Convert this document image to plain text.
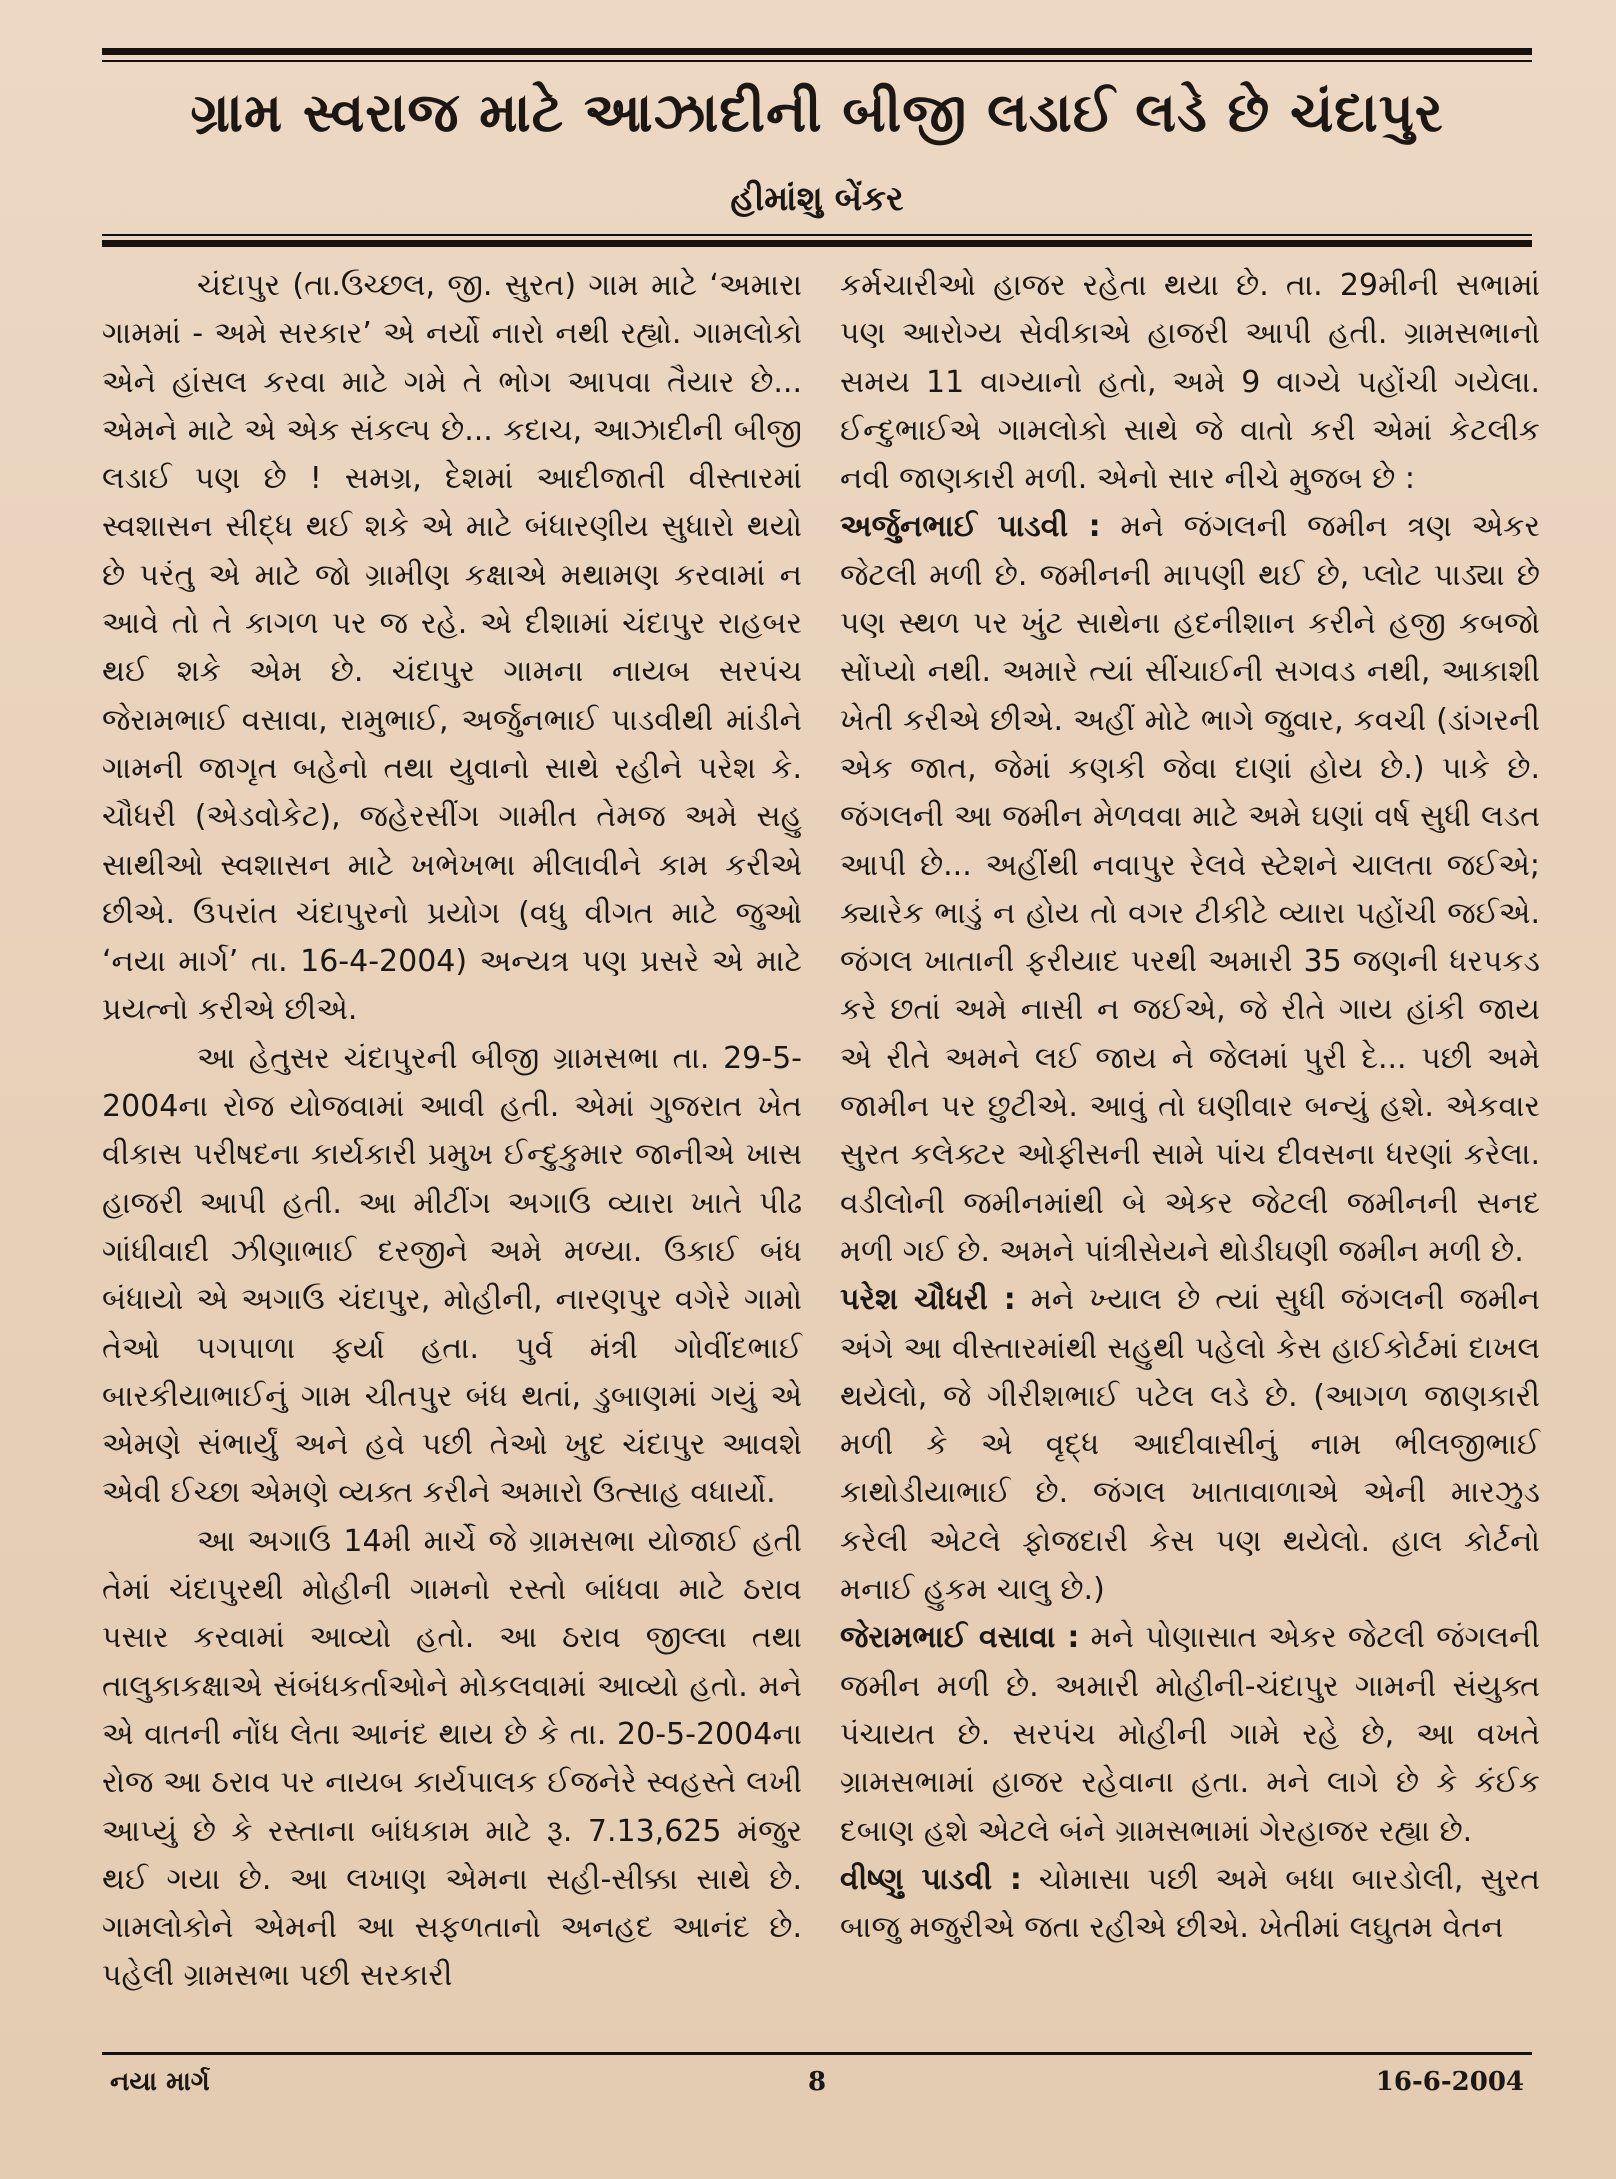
ગ્રામ સ્વરાજ માટે આઝાદીની બીજી લડાઈ લડે છે ચંદાપુર
હીમાંશુ બેંકર

ચંદાપુર (તા.ઉચ્છલ, જી. સુરત) ગામ માટે ‘અમારા ગામમાં - અમે સરકાર’ એ નર્યો નારો નથી રહ્યો. ગામલોકો એને હાંસલ કરવા માટે ગમે તે ભોગ આપવા તૈયાર છે... એમને માટે એ એક સંકલ્પ છે... કદાચ, આઝાદીની બીજી લડાઈ પણ છે ! સમગ્ર, દેશમાં આદીજાતી વીસ્તારમાં સ્વશાસન સીદ્ધ થઈ શકે એ માટે બંધારણીય સુધારો થયો છે પરંતુ એ માટે જો ગ્રામીણ કક્ષાએ મથામણ કરવામાં ન આવે તો તે કાગળ પર જ રહે. એ દીશામાં ચંદાપુર રાહબર થઈ શકે એમ છે. ચંદાપુર ગામના નાયબ સરપંચ જેરામભાઈ વસાવા, રામુભાઈ, અર્જુનભાઈ પાડવીથી માંડીને ગામની જાગૃત બહેનો તથા યુવાનો સાથે રહીને પરેશ કે. ચૌધરી (એડવોકેટ), જહેરસીંગ ગામીત તેમજ અમે સહુ સાથીઓ સ્વશાસન માટે ખભેખભા મીલાવીને કામ કરીએ છીએ. ઉપરાંત ચંદાપુરનો પ્રયોગ (વધુ વીગત માટે જુઓ ‘નયા માર્ગ’ તા. 16-4-2004) અન્યત્ર પણ પ્રસરે એ માટે પ્રયત્નો કરીએ છીએ.

આ હેતુસર ચંદાપુરની બીજી ગ્રામસભા તા. 29-5-2004ના રોજ યોજવામાં આવી હતી. એમાં ગુજરાત ખેત વીકાસ પરીષદના કાર્યકારી પ્રમુખ ઈન્દુકુમાર જાનીએ ખાસ હાજરી આપી હતી. આ મીટીંગ અગાઉ વ્યારા ખાતે પીઢ ગાંધીવાદી ઝીણાભાઈ દરજીને અમે મળ્યા. ઉકાઈ બંધ બંધાયો એ અગાઉ ચંદાપુર, મોહીની, નારણપુર વગેરે ગામો તેઓ પગપાળા ફર્યા હતા. પુર્વ મંત્રી ગોવીંદભાઈ બારકીયાભાઈનું ગામ ચીતપુર બંધ થતાં, ડુબાણમાં ગયું એ એમણે સંભાર્યું અને હવે પછી તેઓ ખુદ ચંદાપુર આવશે એવી ઈચ્છા એમણે વ્યક્ત કરીને અમારો ઉત્સાહ વધાર્યો.

આ અગાઉ 14મી માર્ચે જે ગ્રામસભા યોજાઈ હતી તેમાં ચંદાપુરથી મોહીની ગામનો રસ્તો બાંધવા માટે ઠરાવ પસાર કરવામાં આવ્યો હતો. આ ઠરાવ જીલ્લા તથા તાલુકાકક્ષાએ સંબંધકર્તાઓને મોકલવામાં આવ્યો હતો. મને એ વાતની નોંધ લેતા આનંદ થાય છે કે તા. 20-5-2004ના રોજ આ ઠરાવ પર નાયબ કાર્યપાલક ઈજનેરે સ્વહસ્તે લખી આપ્યું છે કે રસ્તાના બાંધકામ માટે રૂ. 7.13,625 મંજુર થઈ ગયા છે. આ લખાણ એમના સહી-સીક્કા સાથે છે. ગામલોકોને એમની આ સફળતાનો અનહદ આનંદ છે. પહેલી ગ્રામસભા પછી સરકારી

કર્મચારીઓ હાજર રહેતા થયા છે. તા. 29મીની સભામાં પણ આરોગ્ય સેવીકાએ હાજરી આપી હતી. ગ્રામસભાનો સમય 11 વાગ્યાનો હતો, અમે 9 વાગ્યે પહોંચી ગયેલા. ઈન્દુભાઈએ ગામલોકો સાથે જે વાતો કરી એમાં કેટલીક નવી જાણકારી મળી. એનો સાર નીચે મુજબ છે :

અર્જુનભાઈ પાડવી : મને જંગલની જમીન ત્રણ એકર જેટલી મળી છે. જમીનની માપણી થઈ છે, પ્લોટ પાડ્યા છે પણ સ્થળ પર ખુંટ સાથેના હદનીશાન કરીને હજી કબજો સોંપ્યો નથી. અમારે ત્યાં સીંચાઈની સગવડ નથી, આકાશી ખેતી કરીએ છીએ. અહીં મોટે ભાગે જુવાર, કવચી (ડાંગરની એક જાત, જેમાં કણકી જેવા દાણાં હોય છે.) પાકે છે. જંગલની આ જમીન મેળવવા માટે અમે ઘણાં વર્ષ સુધી લડત આપી છે... અહીંથી નવાપુર રેલવે સ્ટેશને ચાલતા જઈએ; ક્યારેક ભાડું ન હોય તો વગર ટીકીટે વ્યારા પહોંચી જઈએ. જંગલ ખાતાની ફરીયાદ પરથી અમારી 35 જણની ધરપકડ કરે છતાં અમે નાસી ન જઈએ, જે રીતે ગાય હાંકી જાય એ રીતે અમને લઈ જાય ને જેલમાં પુરી દે... પછી અમે જામીન પર છુટીએ. આવું તો ઘણીવાર બન્યું હશે. એકવાર સુરત કલેક્ટર ઓફીસની સામે પાંચ દીવસના ધરણાં કરેલા. વડીલોની જમીનમાંથી બે એકર જેટલી જમીનની સનદ મળી ગઈ છે. અમને પાંત્રીસેયને થોડીઘણી જમીન મળી છે.

પરેશ ચૌધરી : મને ખ્યાલ છે ત્યાં સુધી જંગલની જમીન અંગે આ વીસ્તારમાંથી સહુથી પહેલો કેસ હાઈકોર્ટમાં દાખલ થયેલો, જે ગીરીશભાઈ પટેલ લડે છે. (આગળ જાણકારી મળી કે એ વૃદ્ધ આદીવાસીનું નામ ભીલજીભાઈ કાથોડીયાભાઈ છે. જંગલ ખાતાવાળાએ એની મારઝુડ કરેલી એટલે ફોજદારી કેસ પણ થયેલો. હાલ કોર્ટનો મનાઈ હુકમ ચાલુ છે.)

જેરામભાઈ વસાવા : મને પોણાસાત એકર જેટલી જંગલની જમીન મળી છે. અમારી મોહીની-ચંદાપુર ગામની સંયુક્ત પંચાયત છે. સરપંચ મોહીની ગામે રહે છે, આ વખતે ગ્રામસભામાં હાજર રહેવાના હતા. મને લાગે છે કે કંઈક દબાણ હશે એટલે બંને ગ્રામસભામાં ગેરહાજર રહ્યા છે.

વીષ્ણુ પાડવી : ચોમાસા પછી અમે બધા બારડોલી, સુરત બાજુ મજુરીએ જતા રહીએ છીએ. ખેતીમાં લઘુતમ વેતન

નયા માર્ગ	8	16-6-2004
